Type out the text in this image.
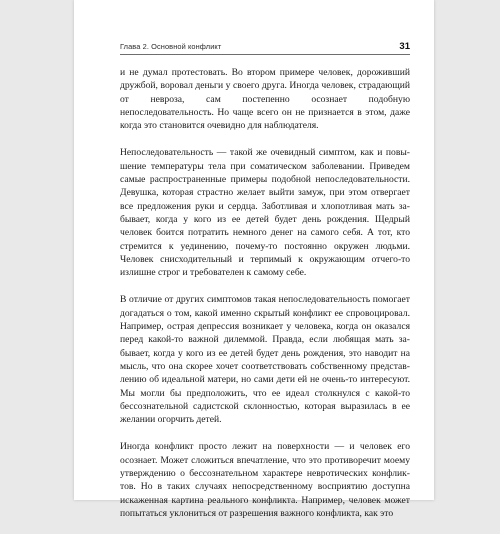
Глава 2. Основной конфликт	31

и не думал протестовать. Во втором примере человек, дороживший дружбой, воровал деньги у своего друга. Иногда человек, страдающий от невроза, сам постепенно осознает подобную непоследовательность. Но чаще всего он не признается в этом, даже когда это становится очевидно для наблюдателя.

Непоследовательность — такой же очевидный симптом, как и повышение температуры тела при соматическом заболевании. Приведем самые распространенные примеры подобной непоследовательности. Девушка, которая страстно желает выйти замуж, при этом отвергает все предложения руки и сердца. Заботливая и хлопотливая мать забывает, когда у кого из ее детей будет день рождения. Щедрый человек боится потратить немного денег на самого себя. А тот, кто стремится к уединению, почему-то постоянно окружен людьми. Человек снисходительный и терпимый к окружающим отчего-то излишне строг и требователен к самому себе.

В отличие от других симптомов такая непоследовательность помогает догадаться о том, какой именно скрытый конфликт ее спровоцировал. Например, острая депрессия возникает у человека, когда он оказался перед какой-то важной дилеммой. Правда, если любящая мать забывает, когда у кого из ее детей будет день рождения, это наводит на мысль, что она скорее хочет соответствовать собственному представлению об идеальной матери, но сами дети ей не очень-то интересуют. Мы могли бы предположить, что ее идеал столкнулся с какой-то бессознательной садистской склонностью, которая выразилась в ее желании огорчить детей.

Иногда конфликт просто лежит на поверхности — и человек его осознает. Может сложиться впечатление, что это противоречит моему утверждению о бессознательном характере невротических конфликтов. Но в таких случаях непосредственному восприятию доступна искаженная картина реального конфликта. Например, человек может попытаться уклониться от разрешения важного конфликта, как это
